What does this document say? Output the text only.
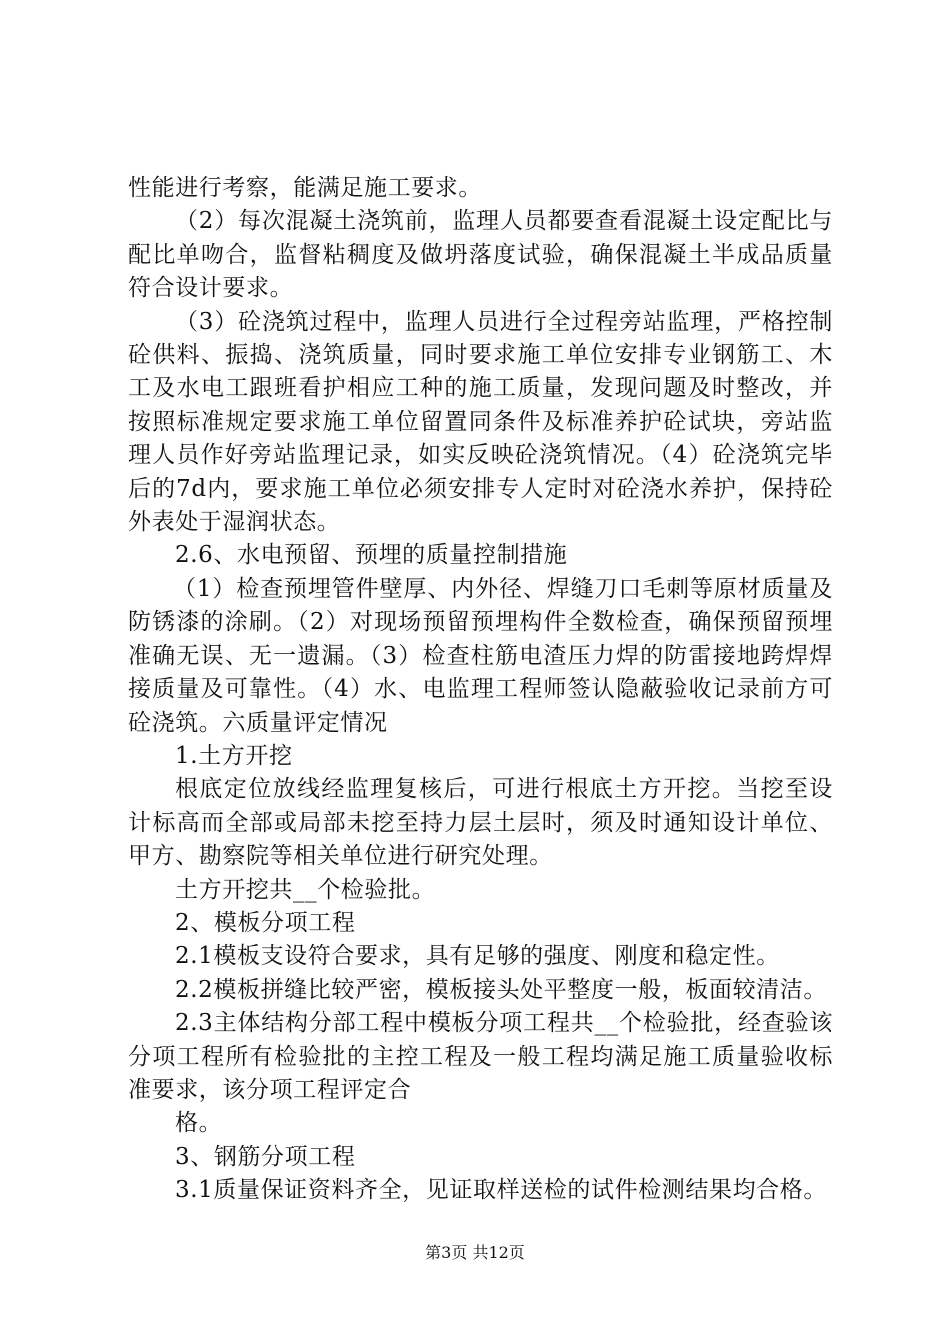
性能进行考察，能满足施工要求。

（2）每次混凝土浇筑前，监理人员都要查看混凝土设定配比与配比单吻合，监督粘稠度及做坍落度试验，确保混凝土半成品质量符合设计要求。

（3）砼浇筑过程中，监理人员进行全过程旁站监理，严格控制砼供料、振捣、浇筑质量，同时要求施工单位安排专业钢筋工、木工及水电工跟班看护相应工种的施工质量，发现问题及时整改，并按照标准规定要求施工单位留置同条件及标准养护砼试块，旁站监理人员作好旁站监理记录，如实反映砼浇筑情况。（4）砼浇筑完毕后的7d内，要求施工单位必须安排专人定时对砼浇水养护，保持砼外表处于湿润状态。

2.6、水电预留、预埋的质量控制措施

（1）检查预埋管件壁厚、内外径、焊缝刀口毛刺等原材质量及防锈漆的涂刷。（2）对现场预留预埋构件全数检查，确保预留预埋准确无误、无一遗漏。（3）检查柱筋电渣压力焊的防雷接地跨焊焊接质量及可靠性。（4）水、电监理工程师签认隐蔽验收记录前方可砼浇筑。六质量评定情况

1.土方开挖

根底定位放线经监理复核后，可进行根底土方开挖。当挖至设计标高而全部或局部未挖至持力层土层时，须及时通知设计单位、甲方、勘察院等相关单位进行研究处理。

土方开挖共__个检验批。

2、模板分项工程

2.1模板支设符合要求，具有足够的强度、刚度和稳定性。

2.2模板拼缝比较严密，模板接头处平整度一般，板面较清洁。

2.3主体结构分部工程中模板分项工程共__个检验批，经查验该分项工程所有检验批的主控工程及一般工程均满足施工质量验收标准要求，该分项工程评定合

格。

3、钢筋分项工程

3.1质量保证资料齐全，见证取样送检的试件检测结果均合格。

第3页 共12页
